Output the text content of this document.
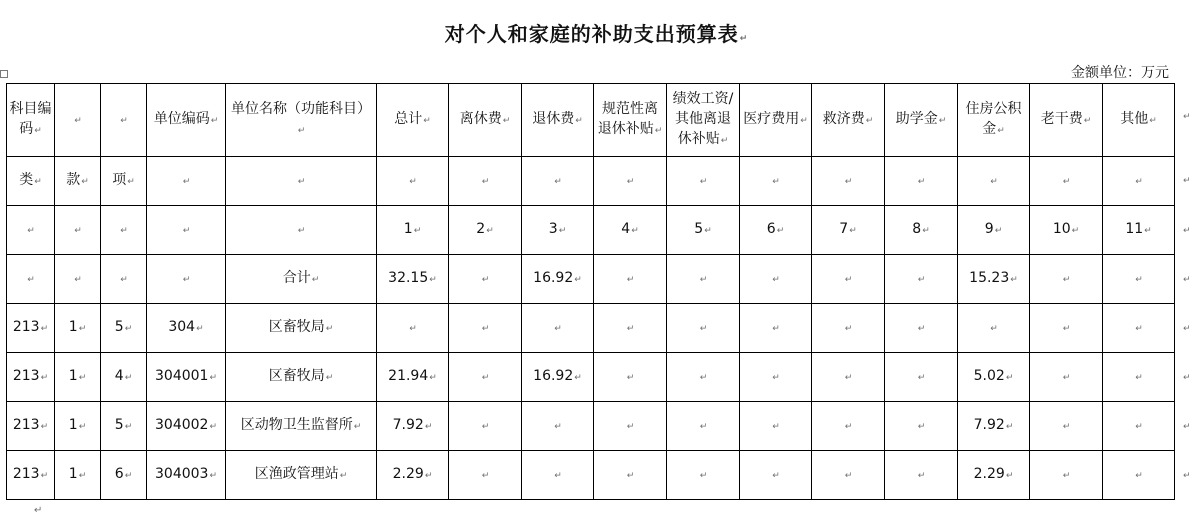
对个人和家庭的补助支出预算表↵
金额单位：万元
科目编码↵	↵	↵	单位编码↵	单位名称（功能科目）↵	总计↵	离休费↵	退休费↵	规范性离退休补贴↵	绩效工资/其他离退休补贴↵	医疗费用↵	救济费↵	助学金↵	住房公积金↵	老干费↵	其他↵
类↵	款↵	项↵	↵	↵	↵	↵	↵	↵	↵	↵	↵	↵	↵	↵	↵
↵	↵	↵	↵	↵	1↵	2↵	3↵	4↵	5↵	6↵	7↵	8↵	9↵	10↵	11↵
↵	↵	↵	↵	合计↵	32.15↵	↵	16.92↵	↵	↵	↵	↵	↵	15.23↵	↵	↵
213↵	1↵	5↵	304↵	区畜牧局↵	↵	↵	↵	↵	↵	↵	↵	↵	↵	↵	↵
213↵	1↵	4↵	304001↵	区畜牧局↵	21.94↵	↵	16.92↵	↵	↵	↵	↵	↵	5.02↵	↵	↵
213↵	1↵	5↵	304002↵	区动物卫生监督所↵	7.92↵	↵	↵	↵	↵	↵	↵	↵	7.92↵	↵	↵
213↵	1↵	6↵	304003↵	区渔政管理站↵	2.29↵	↵	↵	↵	↵	↵	↵	↵	2.29↵	↵	↵
↵
↵
↵
↵
↵
↵
↵
↵
↵
